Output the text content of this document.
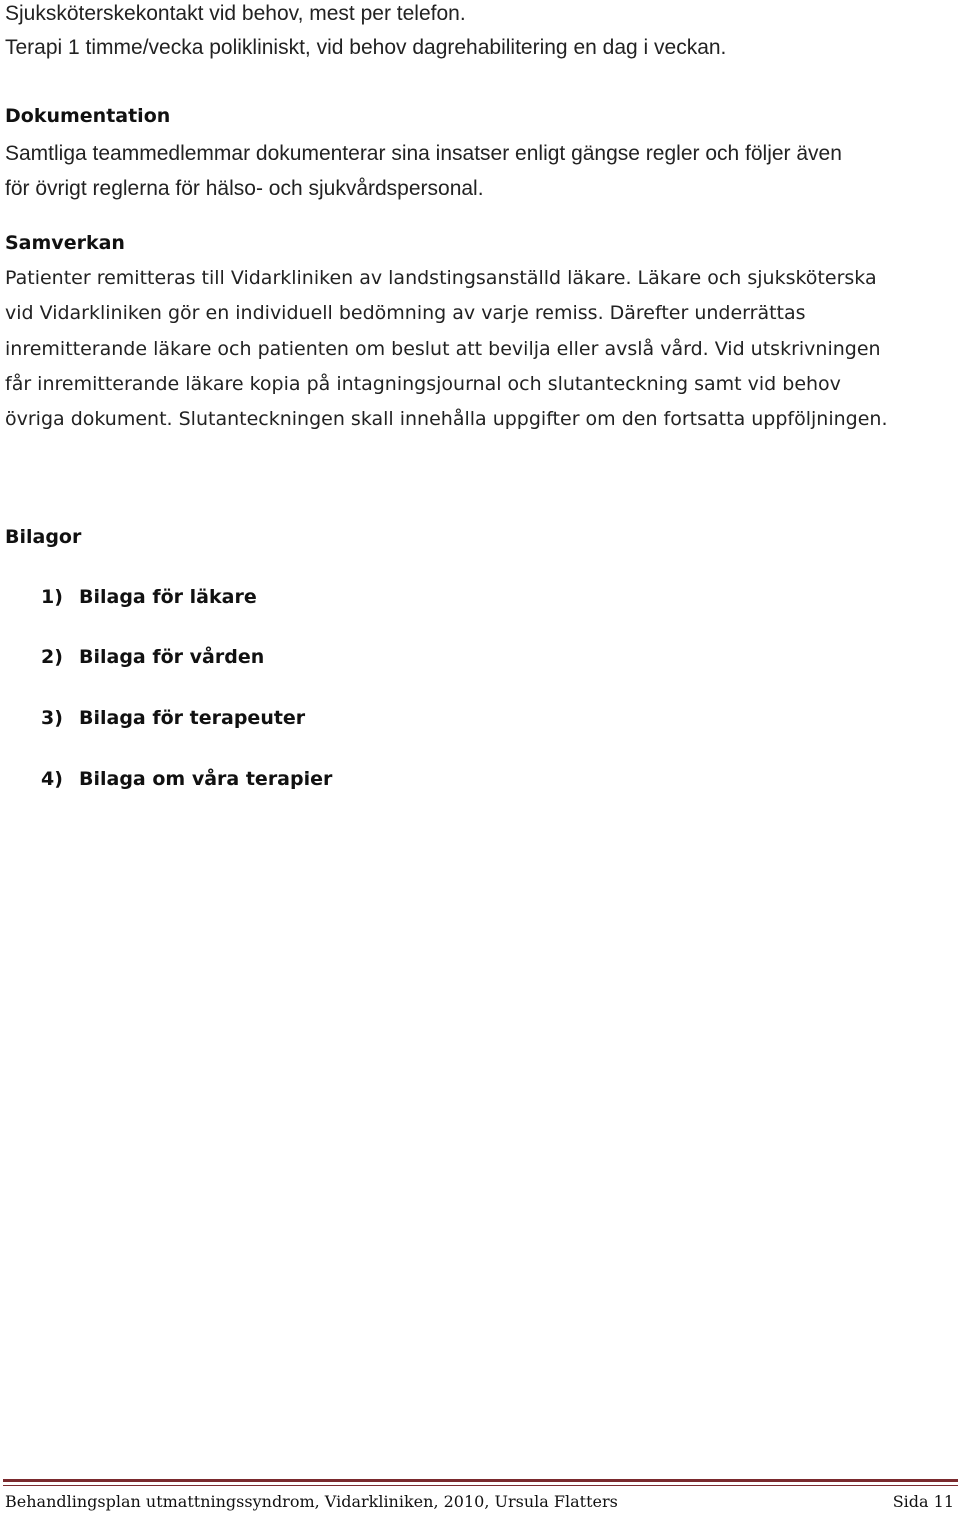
Sjuksköterskekontakt vid behov, mest per telefon.
Terapi 1 timme/vecka polikliniskt, vid behov dagrehabilitering en dag i veckan.
Dokumentation
Samtliga teammedlemmar dokumenterar sina insatser enligt gängse regler och följer även
för övrigt reglerna för hälso- och sjukvårdspersonal.
Samverkan
Patienter remitteras till Vidarkliniken av landstingsanställd läkare. Läkare och sjuksköterska
vid Vidarkliniken gör en individuell bedömning av varje remiss. Därefter underrättas
inremitterande läkare och patienten om beslut att bevilja eller avslå vård. Vid utskrivningen
får inremitterande läkare kopia på intagningsjournal och slutanteckning samt vid behov
övriga dokument. Slutanteckningen skall innehålla uppgifter om den fortsatta uppföljningen.
Bilagor
1) Bilaga för läkare
2) Bilaga för vården
3) Bilaga för terapeuter
4) Bilaga om våra terapier
Behandlingsplan utmattningssyndrom, Vidarkliniken, 2010, Ursula Flatters	Sida 11
